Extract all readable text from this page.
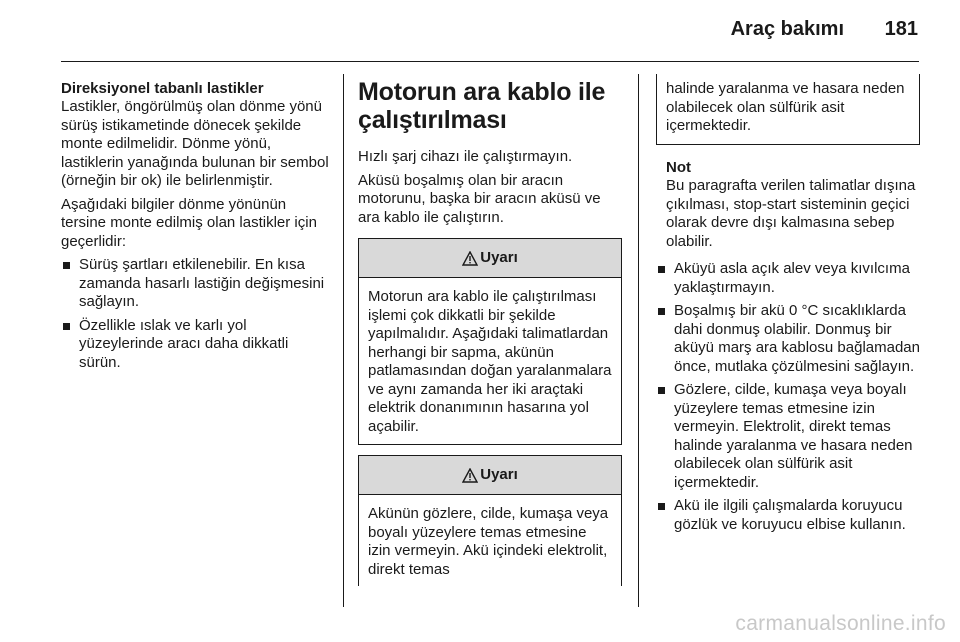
Araç bakımı 181
Direksiyonel tabanlı lastikler

Lastikler, öngörülmüş olan dönme yönü sürüş istikametinde dönecek şekilde monte edilmelidir. Dönme yönü, lastiklerin yanağında bulunan bir sembol (örneğin bir ok) ile belirlenmiştir.

Aşağıdaki bilgiler dönme yönünün tersine monte edilmiş olan lastikler için geçerlidir:

Sürüş şartları etkilenebilir. En kısa zamanda hasarlı lastiğin değişmesini sağlayın.
Özellikle ıslak ve karlı yol yüzeylerinde aracı daha dikkatli sürün.
Motorun ara kablo ile çalıştırılması

Hızlı şarj cihazı ile çalıştırmayın.

Aküsü boşalmış olan bir aracın motorunu, başka bir aracın aküsü ve ara kablo ile çalıştırın.

Uyarı
Motorun ara kablo ile çalıştırılması işlemi çok dikkatli bir şekilde yapılmalıdır. Aşağıdaki talimatlardan herhangi bir sapma, akünün patlamasından doğan yaralanmalara ve aynı zamanda her iki araçtaki elektrik donanımının hasarına yol açabilir.
Uyarı
Akünün gözlere, cilde, kumaşa veya boyalı yüzeylere temas etmesine izin vermeyin. Akü içindeki elektrolit, direkt temas
halinde yaralanma ve hasara neden olabilecek olan sülfürik asit içermektedir.
Not

Bu paragrafta verilen talimatlar dışına çıkılması, stop-start sisteminin geçici olarak devre dışı kalmasına sebep olabilir.

Aküyü asla açık alev veya kıvılcıma yaklaştırmayın.
Boşalmış bir akü 0 °C sıcaklıklarda dahi donmuş olabilir. Donmuş bir aküyü marş ara kablosu bağlamadan önce, mutlaka çözülmesini sağlayın.
Gözlere, cilde, kumaşa veya boyalı yüzeylere temas etmesine izin vermeyin. Elektrolit, direkt temas halinde yaralanma ve hasara neden olabilecek olan sülfürik asit içermektedir.
Akü ile ilgili çalışmalarda koruyucu gözlük ve koruyucu elbise kullanın.
carmanualsonline.info
